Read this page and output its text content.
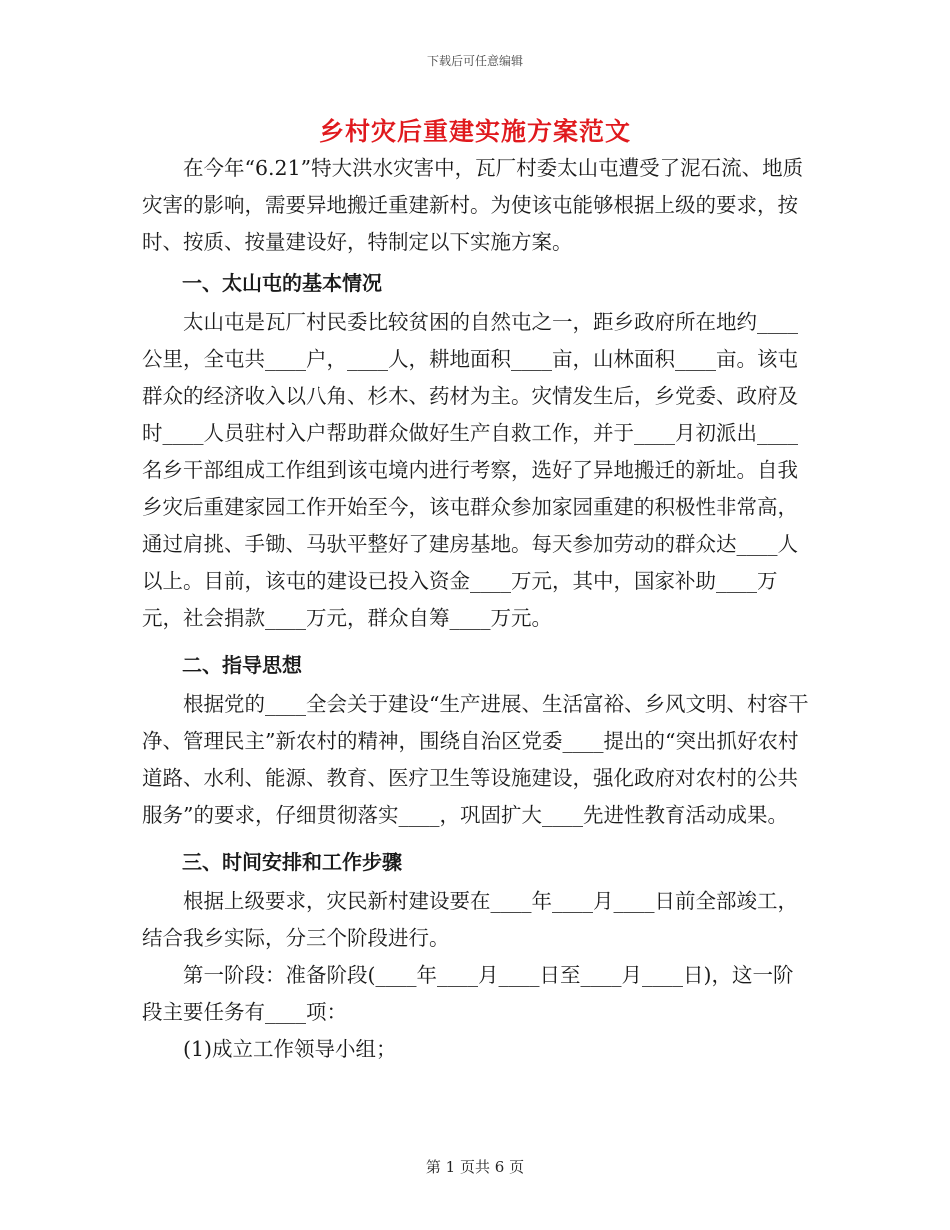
下载后可任意编辑
乡村灾后重建实施方案范文

在今年“6.21”特大洪水灾害中，瓦厂村委太山屯遭受了泥石流、地质灾害的影响，需要异地搬迁重建新村。为使该屯能够根据上级的要求，按时、按质、按量建设好，特制定以下实施方案。

一、太山屯的基本情况

太山屯是瓦厂村民委比较贫困的自然屯之一，距乡政府所在地约____公里，全屯共____户，____人，耕地面积____亩，山林面积____亩。该屯群众的经济收入以八角、杉木、药材为主。灾情发生后，乡党委、政府及时____人员驻村入户帮助群众做好生产自救工作，并于____月初派出____名乡干部组成工作组到该屯境内进行考察，选好了异地搬迁的新址。自我乡灾后重建家园工作开始至今，该屯群众参加家园重建的积极性非常高，通过肩挑、手锄、马驮平整好了建房基地。每天参加劳动的群众达____人以上。目前，该屯的建设已投入资金____万元，其中，国家补助____万元，社会捐款____万元，群众自筹____万元。

二、指导思想

根据党的____全会关于建设“生产进展、生活富裕、乡风文明、村容干净、管理民主”新农村的精神，围绕自治区党委____提出的“突出抓好农村道路、水利、能源、教育、医疗卫生等设施建设，强化政府对农村的公共服务”的要求，仔细贯彻落实____，巩固扩大____先进性教育活动成果。

三、时间安排和工作步骤

根据上级要求，灾民新村建设要在____年____月____日前全部竣工，结合我乡实际，分三个阶段进行。

第一阶段：准备阶段(____年____月____日至____月____日)，这一阶段主要任务有____项：

(1)成立工作领导小组；

第 1 页共 6 页
